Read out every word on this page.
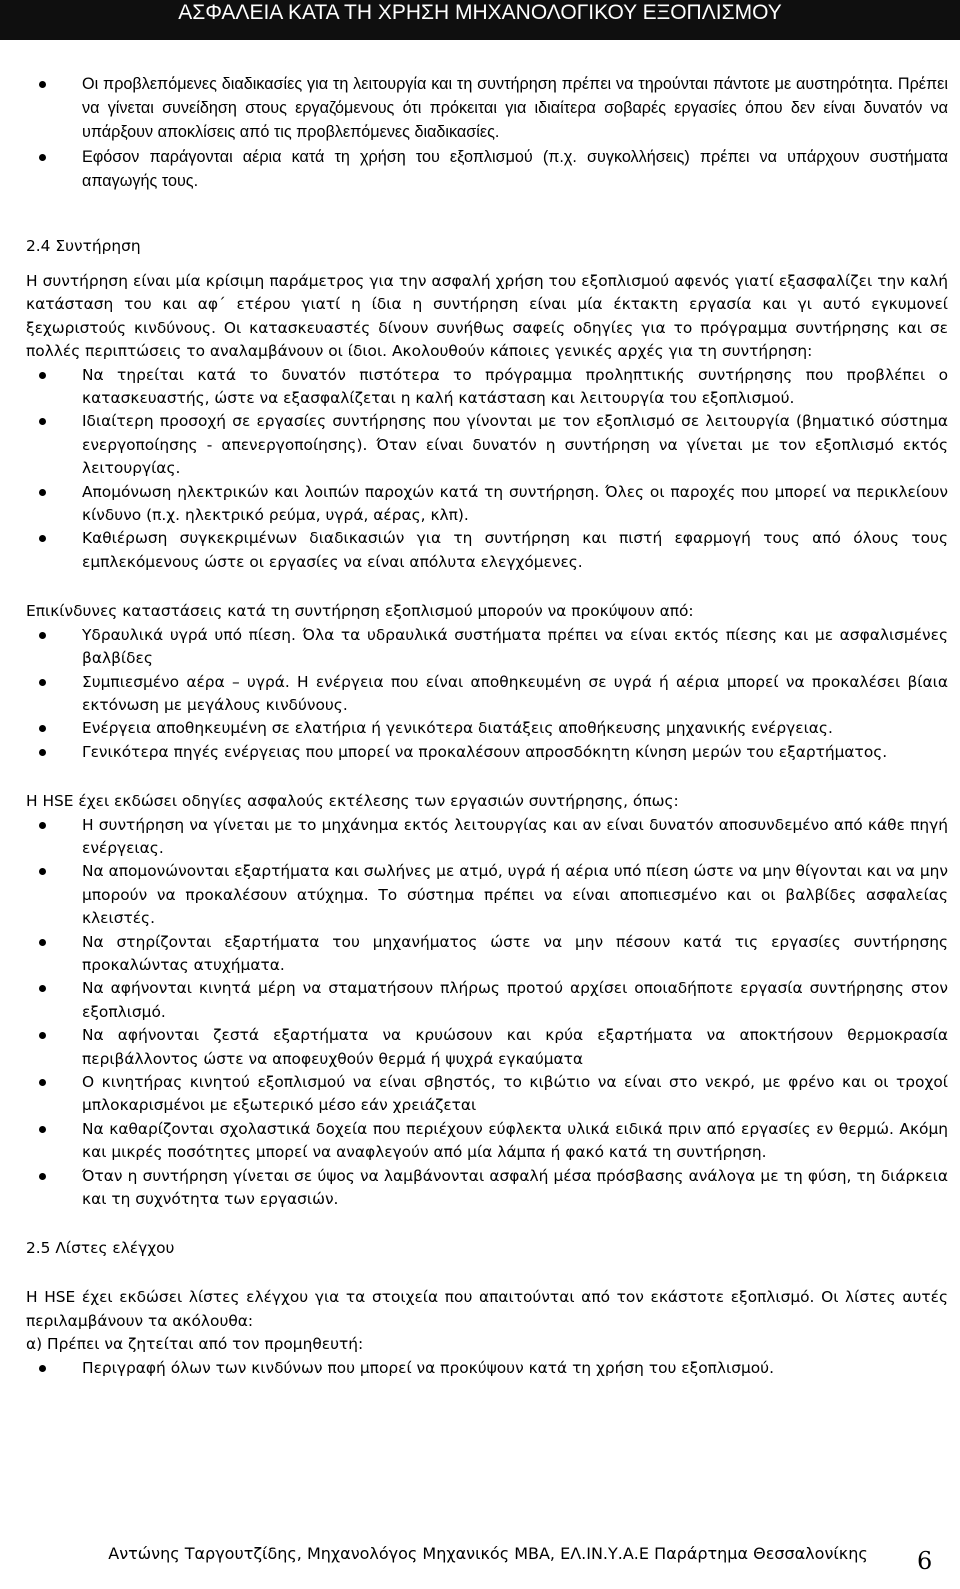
ΑΣΦΑΛΕΙΑ ΚΑΤΑ ΤΗ ΧΡΗΣΗ ΜΗΧΑΝΟΛΟΓΙΚΟΥ ΕΞΟΠΛΙΣΜΟΥ
Οι προβλεπόμενες διαδικασίες για τη λειτουργία και τη συντήρηση πρέπει να τηρούνται πάντοτε με αυστηρότητα. Πρέπει να γίνεται συνείδηση στους εργαζόμενους ότι πρόκειται για ιδιαίτερα σοβαρές εργασίες όπου δεν είναι δυνατόν να υπάρξουν αποκλίσεις από τις προβλεπόμενες διαδικασίες.
Εφόσον παράγονται αέρια κατά τη χρήση του εξοπλισμού (π.χ. συγκολλήσεις) πρέπει να υπάρχουν συστήματα απαγωγής τους.

2.4 Συντήρηση

Η συντήρηση είναι μία κρίσιμη παράμετρος για την ασφαλή χρήση του εξοπλισμού αφενός γιατί εξασφαλίζει την καλή κατάσταση του και αφ΄ ετέρου γιατί η ίδια η συντήρηση είναι μία έκτακτη εργασία και γι αυτό εγκυμονεί ξεχωριστούς κινδύνους. Οι κατασκευαστές δίνουν συνήθως σαφείς οδηγίες για το πρόγραμμα συντήρησης και σε πολλές περιπτώσεις το αναλαμβάνουν οι ίδιοι. Ακολουθούν κάποιες γενικές αρχές για τη συντήρηση:

Να τηρείται κατά το δυνατόν πιστότερα το πρόγραμμα προληπτικής συντήρησης που προβλέπει ο κατασκευαστής, ώστε να εξασφαλίζεται η καλή κατάσταση και λειτουργία του εξοπλισμού.
Ιδιαίτερη προσοχή σε εργασίες συντήρησης που γίνονται με τον εξοπλισμό σε λειτουργία (βηματικό σύστημα ενεργοποίησης - απενεργοποίησης). Όταν είναι δυνατόν η συντήρηση να γίνεται με τον εξοπλισμό εκτός λειτουργίας.
Απομόνωση ηλεκτρικών και λοιπών παροχών κατά τη συντήρηση. Όλες οι παροχές που μπορεί να περικλείουν κίνδυνο (π.χ. ηλεκτρικό ρεύμα, υγρά, αέρας, κλπ).
Καθιέρωση συγκεκριμένων διαδικασιών για τη συντήρηση και πιστή εφαρμογή τους από όλους τους εμπλεκόμενους ώστε οι εργασίες να είναι απόλυτα ελεγχόμενες.

Επικίνδυνες καταστάσεις κατά τη συντήρηση εξοπλισμού μπορούν να προκύψουν από:

Υδραυλικά υγρά υπό πίεση. Όλα τα υδραυλικά συστήματα πρέπει να είναι εκτός πίεσης και με ασφαλισμένες βαλβίδες
Συμπιεσμένο αέρα – υγρά. Η ενέργεια που είναι αποθηκευμένη σε υγρά ή αέρια μπορεί να προκαλέσει βίαια εκτόνωση με μεγάλους κινδύνους.
Ενέργεια αποθηκευμένη σε ελατήρια ή γενικότερα διατάξεις αποθήκευσης μηχανικής ενέργειας.
Γενικότερα πηγές ενέργειας που μπορεί να προκαλέσουν απροσδόκητη κίνηση μερών του εξαρτήματος.

Η HSE έχει εκδώσει οδηγίες ασφαλούς εκτέλεσης των εργασιών συντήρησης, όπως:

Η συντήρηση να γίνεται με το μηχάνημα εκτός λειτουργίας και αν είναι δυνατόν αποσυνδεμένο από κάθε πηγή ενέργειας.
Να απομονώνονται εξαρτήματα και σωλήνες με ατμό, υγρά ή αέρια υπό πίεση ώστε να μην θίγονται και να μην μπορούν να προκαλέσουν ατύχημα. Το σύστημα πρέπει να είναι αποπιεσμένο και οι βαλβίδες ασφαλείας κλειστές.
Να στηρίζονται εξαρτήματα του μηχανήματος ώστε να μην πέσουν κατά τις εργασίες συντήρησης προκαλώντας ατυχήματα.
Να αφήνονται κινητά μέρη να σταματήσουν πλήρως προτού αρχίσει οποιαδήποτε εργασία συντήρησης στον εξοπλισμό.
Να αφήνονται ζεστά εξαρτήματα να κρυώσουν και κρύα εξαρτήματα να αποκτήσουν θερμοκρασία περιβάλλοντος ώστε να αποφευχθούν θερμά ή ψυχρά εγκαύματα
Ο κινητήρας κινητού εξοπλισμού να είναι σβηστός, το κιβώτιο να είναι στο νεκρό, με φρένο και οι τροχοί μπλοκαρισμένοι με εξωτερικό μέσο εάν χρειάζεται
Να καθαρίζονται σχολαστικά δοχεία που περιέχουν εύφλεκτα υλικά ειδικά πριν από εργασίες εν θερμώ. Ακόμη και μικρές ποσότητες μπορεί να αναφλεγούν από μία λάμπα ή φακό κατά τη συντήρηση.
Όταν η συντήρηση γίνεται σε ύψος να λαμβάνονται ασφαλή μέσα πρόσβασης ανάλογα με τη φύση, τη διάρκεια και τη συχνότητα των εργασιών.

2.5 Λίστες ελέγχου

Η HSE έχει εκδώσει λίστες ελέγχου για τα στοιχεία που απαιτούνται από τον εκάστοτε εξοπλισμό. Οι λίστες αυτές περιλαμβάνουν τα ακόλουθα:

α) Πρέπει να ζητείται από τον προμηθευτή:

Περιγραφή όλων των κινδύνων που μπορεί να προκύψουν κατά τη χρήση του εξοπλισμού.
Αντώνης Ταργουτζίδης, Μηχανολόγος Μηχανικός MBA, ΕΛ.ΙΝ.Υ.Α.Ε Παράρτημα Θεσσαλονίκης	6
